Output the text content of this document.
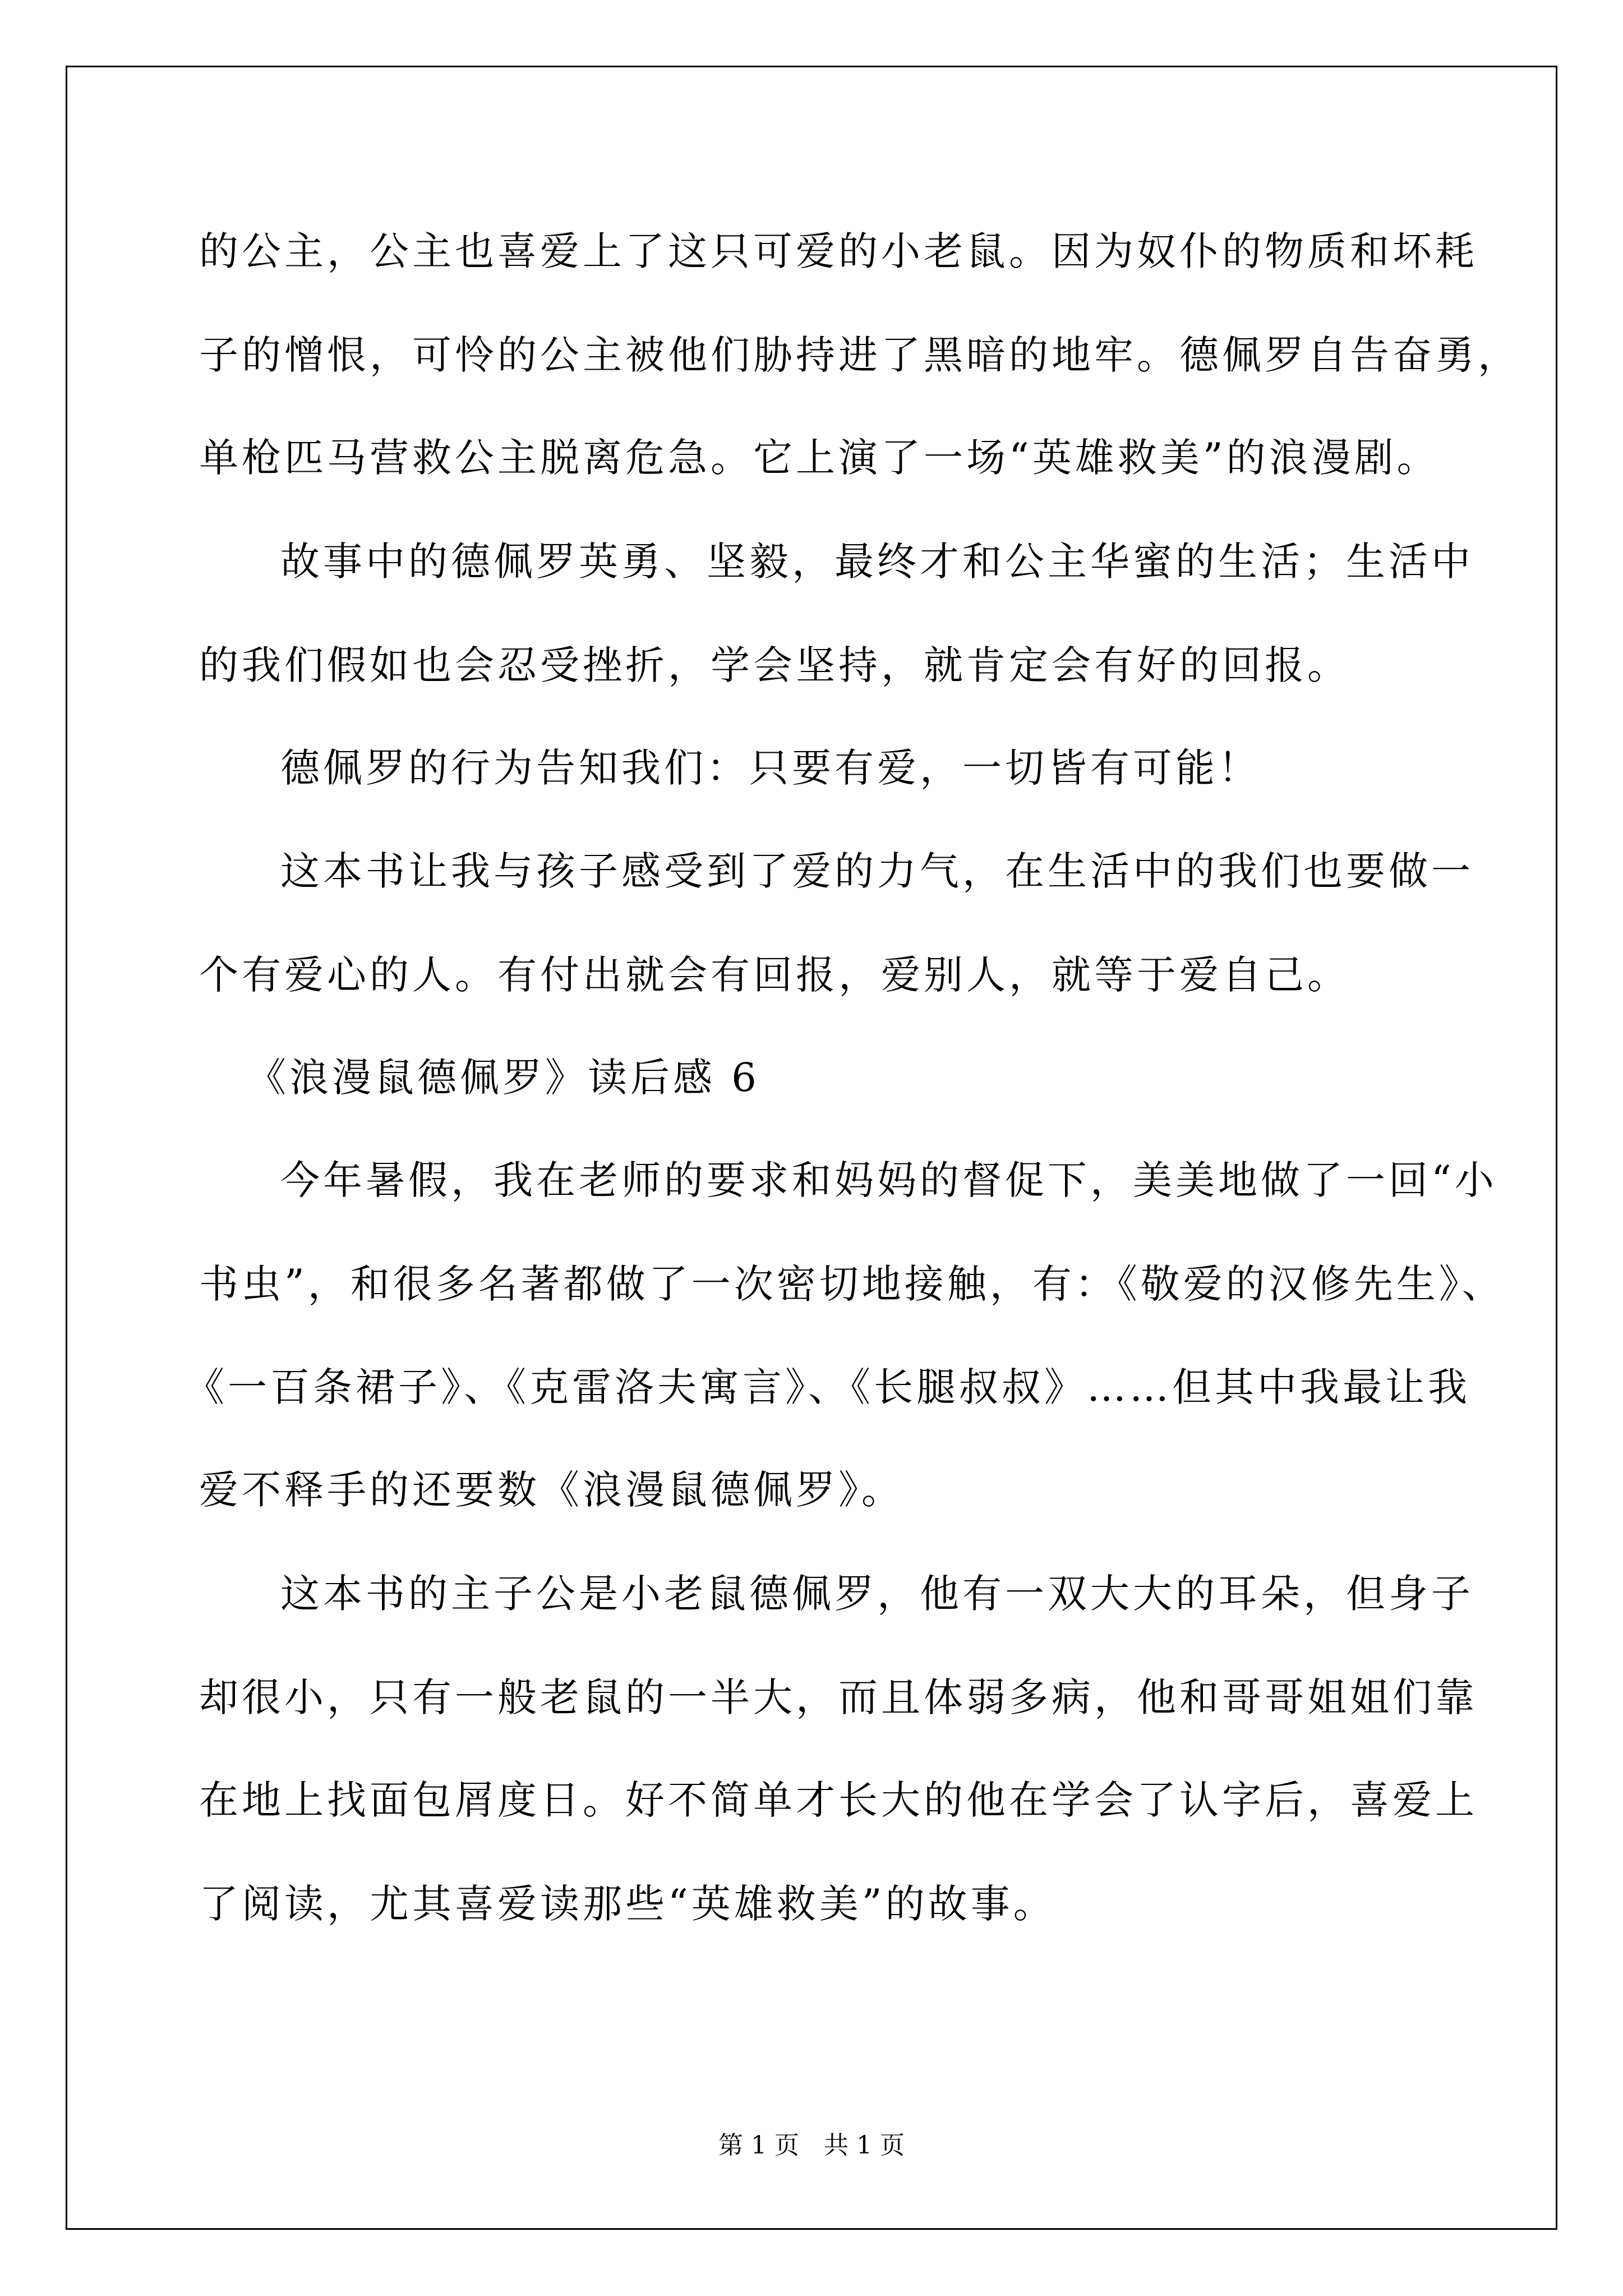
的公主，公主也喜爱上了这只可爱的小老鼠。因为奴仆的物质和坏耗
子的憎恨，可怜的公主被他们胁持进了黑暗的地牢。德佩罗自告奋勇，
单枪匹马营救公主脱离危急。它上演了一场“英雄救美”的浪漫剧。
故事中的德佩罗英勇、坚毅，最终才和公主华蜜的生活；生活中
的我们假如也会忍受挫折，学会坚持，就肯定会有好的回报。
德佩罗的行为告知我们：只要有爱，一切皆有可能！
这本书让我与孩子感受到了爱的力气，在生活中的我们也要做一
个有爱心的人。有付出就会有回报，爱别人，就等于爱自己。
《浪漫鼠德佩罗》读后感 6
今年暑假，我在老师的要求和妈妈的督促下，美美地做了一回“小
书虫”，和很多名著都做了一次密切地接触，有：《敬爱的汉修先生》、
《一百条裙子》、《克雷洛夫寓言》、《长腿叔叔》……但其中我最让我
爱不释手的还要数《浪漫鼠德佩罗》。
这本书的主子公是小老鼠德佩罗，他有一双大大的耳朵，但身子
却很小，只有一般老鼠的一半大，而且体弱多病，他和哥哥姐姐们靠
在地上找面包屑度日。好不简单才长大的他在学会了认字后，喜爱上
了阅读，尤其喜爱读那些“英雄救美”的故事。
第 1 页　共 1 页
